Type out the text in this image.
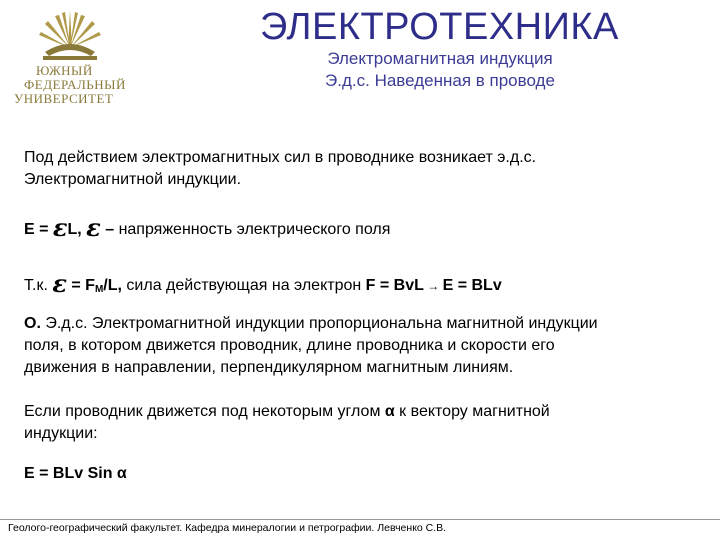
ЮЖНЫЙ
ФЕДЕРАЛЬНЫЙ
УНИВЕРСИТЕТ
ЭЛЕКТРОТЕХНИКА
Электромагнитная индукция
Э.д.с. Наведенная в проводе
Под действием электромагнитных сил в проводнике возникает э.д.с.
Электромагнитной индукции.
E = εL, ε – напряженность электрического поля
Т.к. ε = FМ/L, сила действующая на электрон F = BvL → E = BLv
О. Э.д.с. Электромагнитной индукции пропорциональна магнитной индукции
поля, в котором движется проводник, длине проводника и скорости его
движения в направлении, перпендикулярном магнитным линиям.
Если проводник движется под некоторым углом α к вектору магнитной
индукции:
E = BLv Sin α
Геолого-географический факультет. Кафедра минералогии и петрографии. Левченко С.В.
